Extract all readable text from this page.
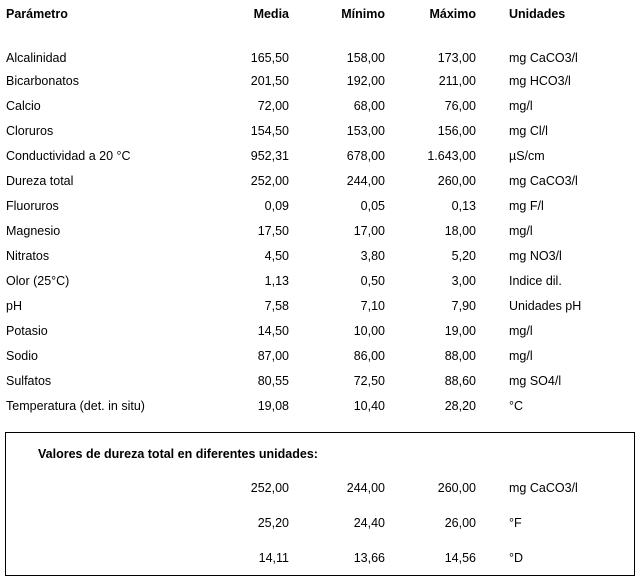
Parámetro	Media	Mínimo	Máximo	Unidades
Alcalinidad	165,50	158,00	173,00	mg CaCO3/l
Bicarbonatos	201,50	192,00	211,00	mg HCO3/l
Calcio	72,00	68,00	76,00	mg/l
Cloruros	154,50	153,00	156,00	mg Cl/l
Conductividad a 20 °C	952,31	678,00	1.643,00	µS/cm
Dureza total	252,00	244,00	260,00	mg CaCO3/l
Fluoruros	0,09	0,05	0,13	mg F/l
Magnesio	17,50	17,00	18,00	mg/l
Nitratos	4,50	3,80	5,20	mg NO3/l
Olor (25°C)	1,13	0,50	3,00	Indice dil.
pH	7,58	7,10	7,90	Unidades pH
Potasio	14,50	10,00	19,00	mg/l
Sodio	87,00	86,00	88,00	mg/l
Sulfatos	80,55	72,50	88,60	mg SO4/l
Temperatura (det. in situ)	19,08	10,40	28,20	°C
Valores de dureza total en diferentes unidades:
	252,00	244,00	260,00	mg CaCO3/l
	25,20	24,40	26,00	°F
	14,11	13,66	14,56	°D
